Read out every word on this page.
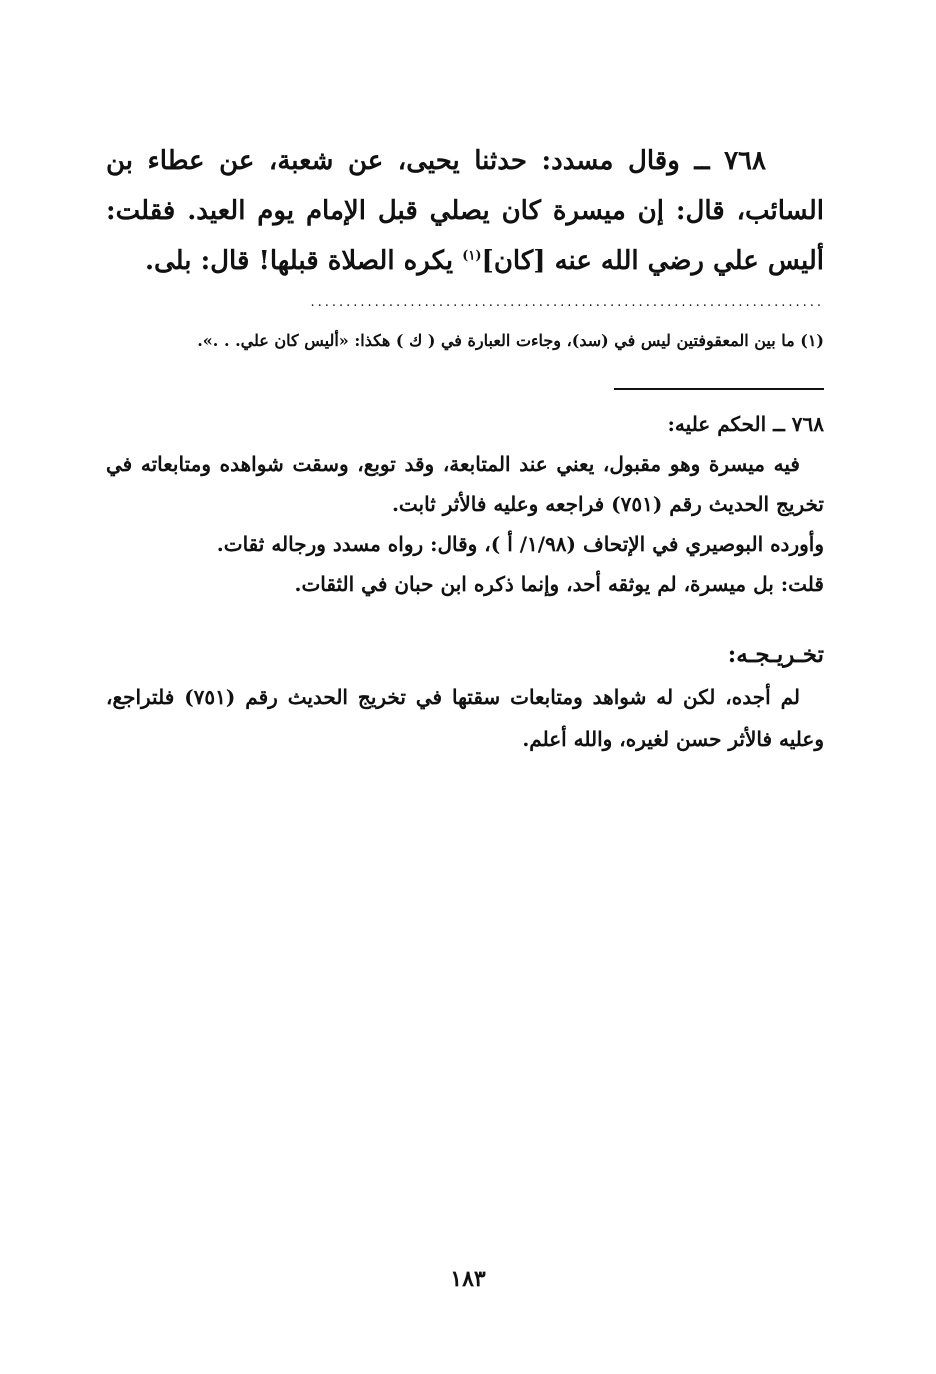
٧٦٨ ــ وقال مسدد: حدثنا يحيى، عن شعبة، عن عطاء بن السائب، قال: إن ميسرة كان يصلي قبل الإمام يوم العيد. فقلت: أليس علي رضي الله عنه [كان]$^{(١)}$ يكره الصلاة قبلها! قال: بلى.
........................................................................
(١) ما بين المعقوفتين ليس في (سد)، وجاءت العبارة في ( ك ) هكذا: «أليس كان علي. . .».

٧٦٨ ــ الحكم عليه:

فيه ميسرة وهو مقبول، يعني عند المتابعة، وقد توبع، وسقت شواهده ومتابعاته في تخريج الحديث رقم (٧٥١) فراجعه وعليه فالأثر ثابت.

وأورده البوصيري في الإتحاف (١/٩٨/ أ )، وقال: رواه مسدد ورجاله ثقات.

قلت: بل ميسرة، لم يوثقه أحد، وإنما ذكره ابن حبان في الثقات.

تخـريـجـه:

لم أجده، لكن له شواهد ومتابعات سقتها في تخريج الحديث رقم (٧٥١) فلتراجع، وعليه فالأثر حسن لغيره، والله أعلم.

١٨٣
